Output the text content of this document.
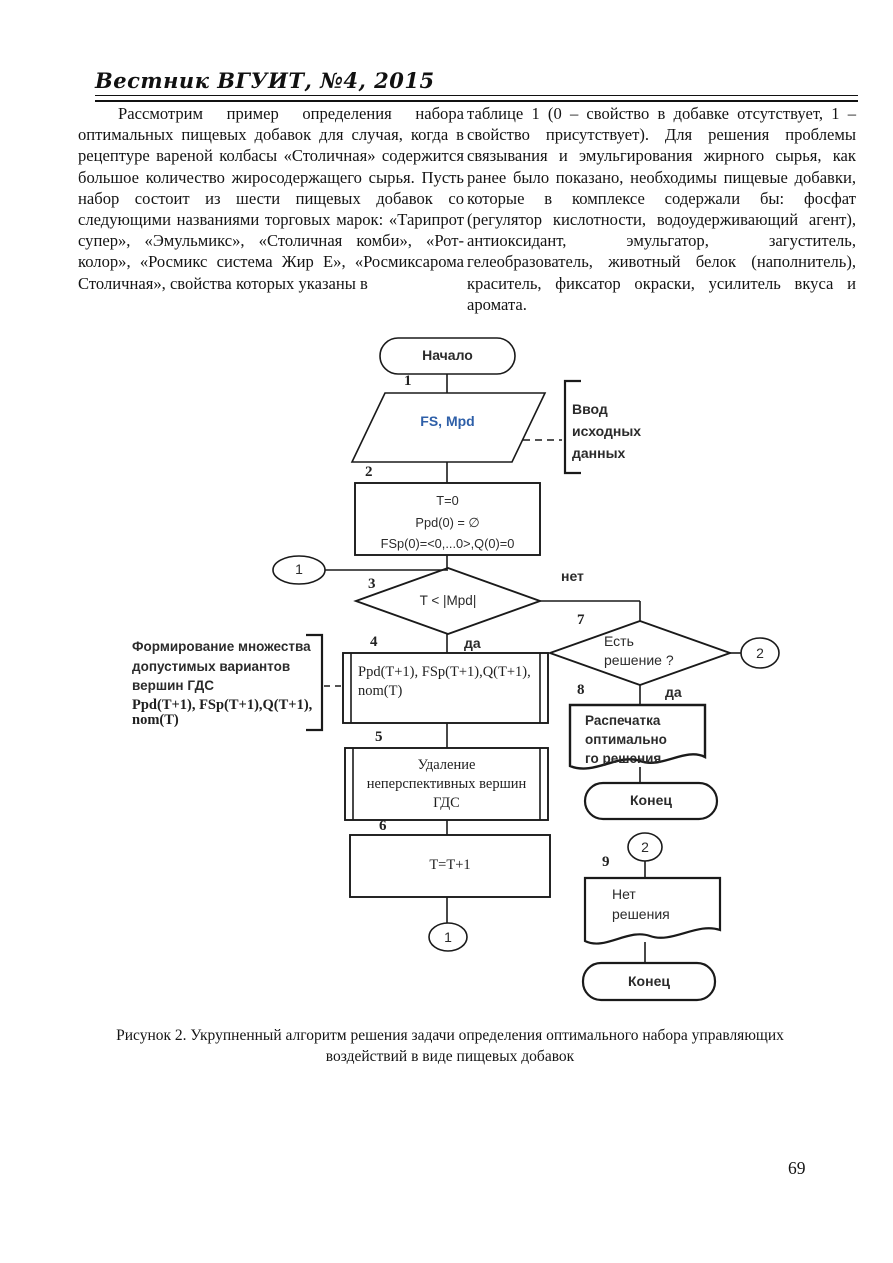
Вестник ВГУИТ, №4, 2015
Рассмотрим пример определения набора оптимальных пищевых добавок для случая, когда в рецептуре вареной колбасы «Столичная» содержится большое количество жиросодержащего сырья. Пусть набор состоит из шести пищевых добавок со следующими названиями торговых марок: «Тарипрот супер», «Эмульмикс», «Столичная комби», «Рот-колор», «Росмикс система Жир Е», «Росмиксарома Столичная», свойства которых указаны в
таблице 1 (0 – свойство в добавке отсутствует, 1 – свойство присутствует). Для решения проблемы связывания и эмульгирования жирного сырья, как ранее было показано, необходимы пищевые добавки, которые в комплексе содержали бы: фосфат (регулятор кислотности, водоудерживающий агент), антиоксидант, эмульгатор, загуститель, гелеобразователь, животный белок (наполнитель), краситель, фиксатор окраски, усилитель вкуса и аромата.
Начало
1
FS, Mpd
Ввод
исходных
данных
2
T=0
Ppd(0) = ∅
FSp(0)=<0,...0>,Q(0)=0
1
3
T < |Mpd|
нет
да
Формирование множества
допустимых вариантов
вершин ГДС
Ppd(T+1), FSp(T+1),Q(T+1),
nom(T)
4
Ppd(T+1), FSp(T+1),Q(T+1),
nom(T)
7
Есть
решение ?	2
8	да
Распечатка
оптимально
го решения
Конец
2
9
Нет
решения
Конец
5
Удаление
неперспективных вершин
ГДС
6
T=T+1
1
Рисунок 2. Укрупненный алгоритм решения задачи определения оптимального набора управляющих
воздействий в виде пищевых добавок
69
